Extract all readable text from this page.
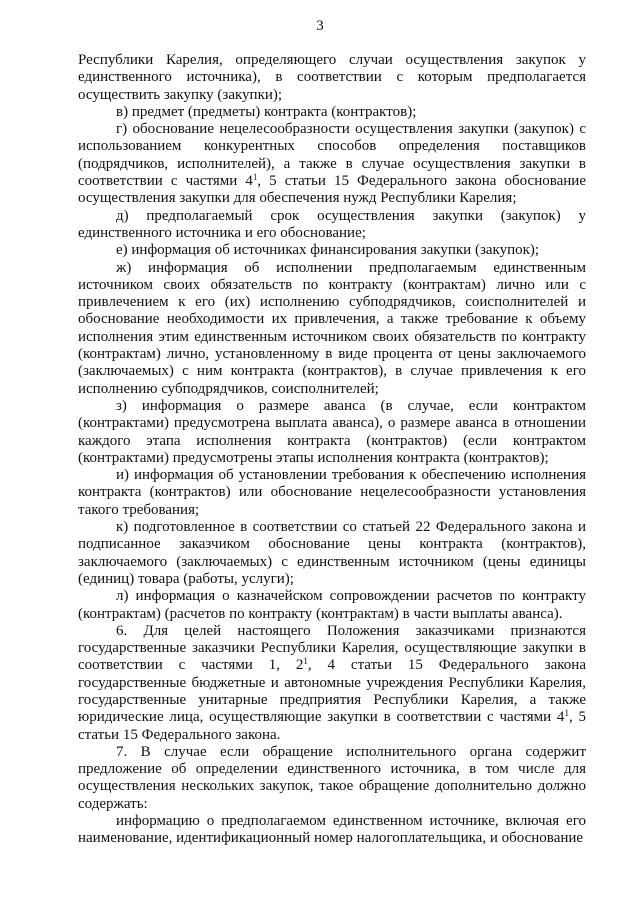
3

Республики Карелия, определяющего случаи осуществления закупок у единственного источника), в соответствии с которым предполагается осуществить закупку (закупки);

в) предмет (предметы) контракта (контрактов);

г) обоснование нецелесообразности осуществления закупки (закупок) с использованием конкурентных способов определения поставщиков (подрядчиков, исполнителей), а также в случае осуществления закупки в соответствии с частями $4^1$, 5 статьи 15 Федерального закона обоснование осуществления закупки для обеспечения нужд Республики Карелия;

д) предполагаемый срок осуществления закупки (закупок) у единственного источника и его обоснование;

е) информация об источниках финансирования закупки (закупок);

ж) информация об исполнении предполагаемым единственным источником своих обязательств по контракту (контрактам) лично или с привлечением к его (их) исполнению субподрядчиков, соисполнителей и обоснование необходимости их привлечения, а также требование к объему исполнения этим единственным источником своих обязательств по контракту (контрактам) лично, установленному в виде процента от цены заключаемого (заключаемых) с ним контракта (контрактов), в случае привлечения к его исполнению субподрядчиков, соисполнителей;

з) информация о размере аванса (в случае, если контрактом (контрактами) предусмотрена выплата аванса), о размере аванса в отношении каждого этапа исполнения контракта (контрактов) (если контрактом (контрактами) предусмотрены этапы исполнения контракта (контрактов);

и) информация об установлении требования к обеспечению исполнения контракта (контрактов) или обоснование нецелесообразности установления такого требования;

к) подготовленное в соответствии со статьей 22 Федерального закона и подписанное заказчиком обоснование цены контракта (контрактов), заключаемого (заключаемых) с единственным источником (цены единицы (единиц) товара (работы, услуги);

л) информация о казначейском сопровождении расчетов по контракту (контрактам) (расчетов по контракту (контрактам) в части выплаты аванса).

6. Для целей настоящего Положения заказчиками признаются государственные заказчики Республики Карелия, осуществляющие закупки в соответствии с частями 1, $2^1$, 4 статьи 15 Федерального закона государственные бюджетные и автономные учреждения Республики Карелия, государственные унитарные предприятия Республики Карелия, а также юридические лица, осуществляющие закупки в соответствии с частями $4^1$, 5 статьи 15 Федерального закона.

7. В случае если обращение исполнительного органа содержит предложение об определении единственного источника, в том числе для осуществления нескольких закупок, такое обращение дополнительно должно содержать:

информацию о предполагаемом единственном источнике, включая его наименование, идентификационный номер налогоплательщика, и обоснование
